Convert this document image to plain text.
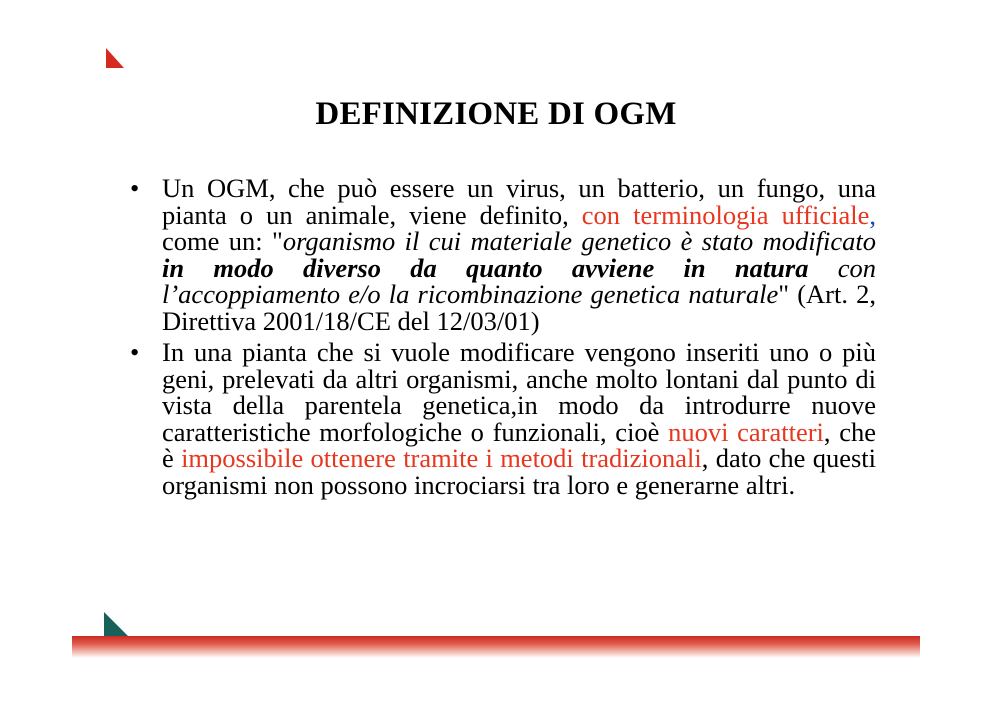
DEFINIZIONE DI OGM
• Un OGM, che può essere un virus, un batterio, un fungo, una pianta o un animale, viene definito, con terminologia ufficiale, come un: "organismo il cui materiale genetico è stato modificato in modo diverso da quanto avviene in natura con l’accoppiamento e/o la ricombinazione genetica naturale" (Art. 2, Direttiva 2001/18/CE del 12/03/01)
• In una pianta che si vuole modificare vengono inseriti uno o più geni, prelevati da altri organismi, anche molto lontani dal punto di vista della parentela genetica,in modo da introdurre nuove caratteristiche morfologiche o funzionali, cioè nuovi caratteri, che è impossibile ottenere tramite i metodi tradizionali, dato che questi organismi non possono incrociarsi tra loro e generarne altri.
